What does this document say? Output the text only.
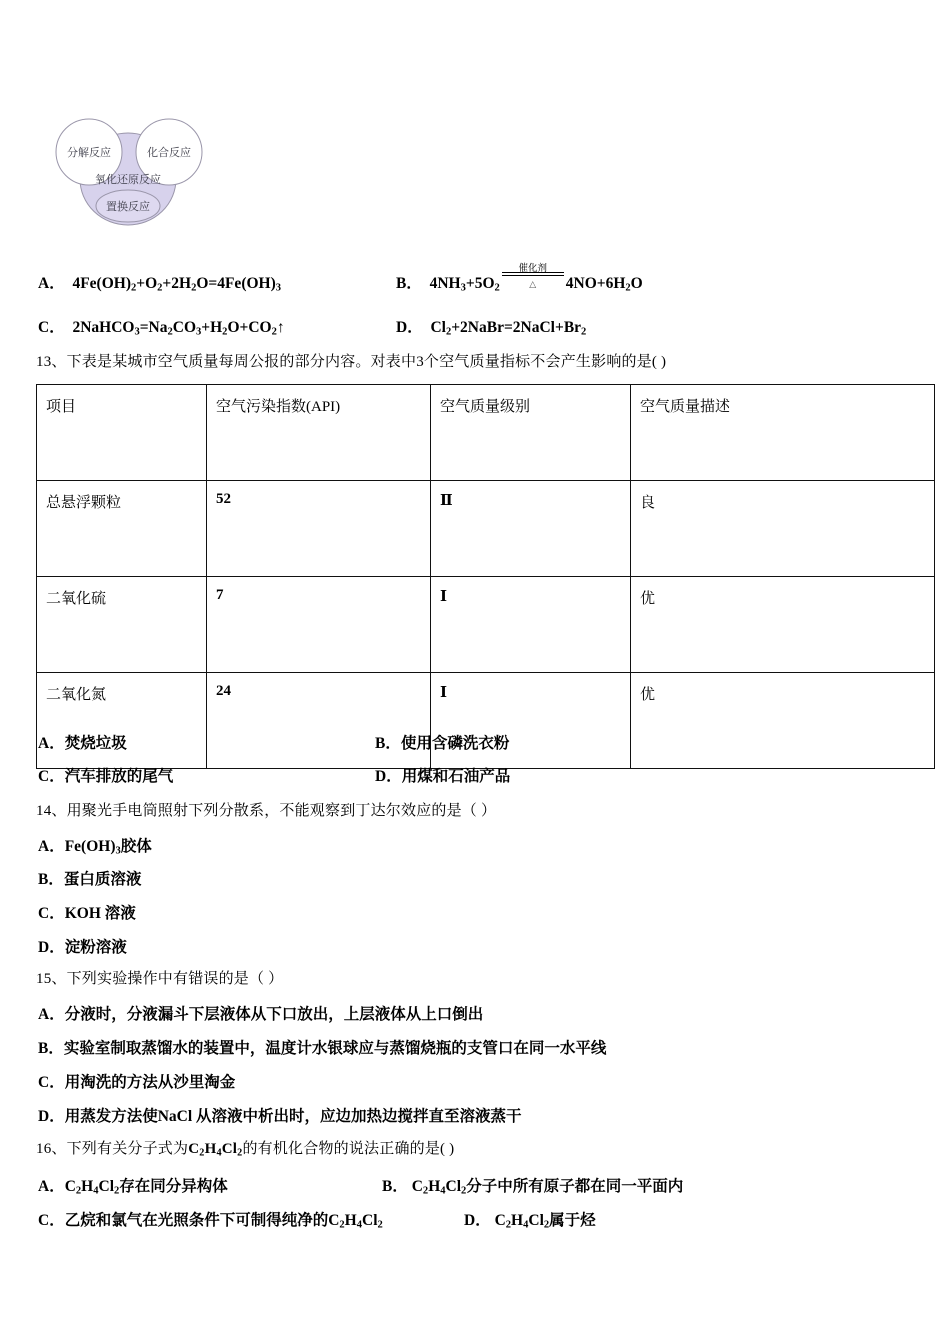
分解反应	化合反应
氧化还原反应
置换反应
A．  $4Fe(OH)_2+O_2+2H_2O=4Fe(OH)_3$	B．  $4NH_3+5O_2$
催化剂
△	$4NO+6H_2O$
C．  $2NaHCO_3=Na_2CO_3+H_2O+CO_2↑$	D．  $Cl_2+2NaBr=2NaCl+Br_2$
13、下表是某城市空气质量每周公报的部分内容。对表中3个空气质量指标不会产生影响的是( )
项目	空气污染指数(API)	空气质量级别	空气质量描述
总悬浮颗粒	52	Ⅱ	良
二氧化硫	7	Ⅰ	优
二氧化氮	24	Ⅰ	优
A．焚烧垃圾	B．使用含磷洗衣粉
C．汽车排放的尾气	D．用煤和石油产品
14、用聚光手电筒照射下列分散系，不能观察到丁达尔效应的是（ ）
A．$Fe(OH)_3$胶体
B．蛋白质溶液
C．KOH 溶液
D．淀粉溶液
15、下列实验操作中有错误的是（ ）
A．分液时，分液漏斗下层液体从下口放出，上层液体从上口倒出
B．实验室制取蒸馏水的装置中，温度计水银球应与蒸馏烧瓶的支管口在同一水平线
C．用淘洗的方法从沙里淘金
D．用蒸发方法使NaCl 从溶液中析出时，应边加热边搅拌直至溶液蒸干
16、下列有关分子式为$C_2H_4Cl_2$的有机化合物的说法正确的是( )
A．$C_2H_4Cl_2$存在同分异构体	B． $C_2H_4Cl_2$分子中所有原子都在同一平面内
C．乙烷和氯气在光照条件下可制得纯净的$C_2H_4Cl_2$	D． $C_2H_4Cl_2$属于烃
